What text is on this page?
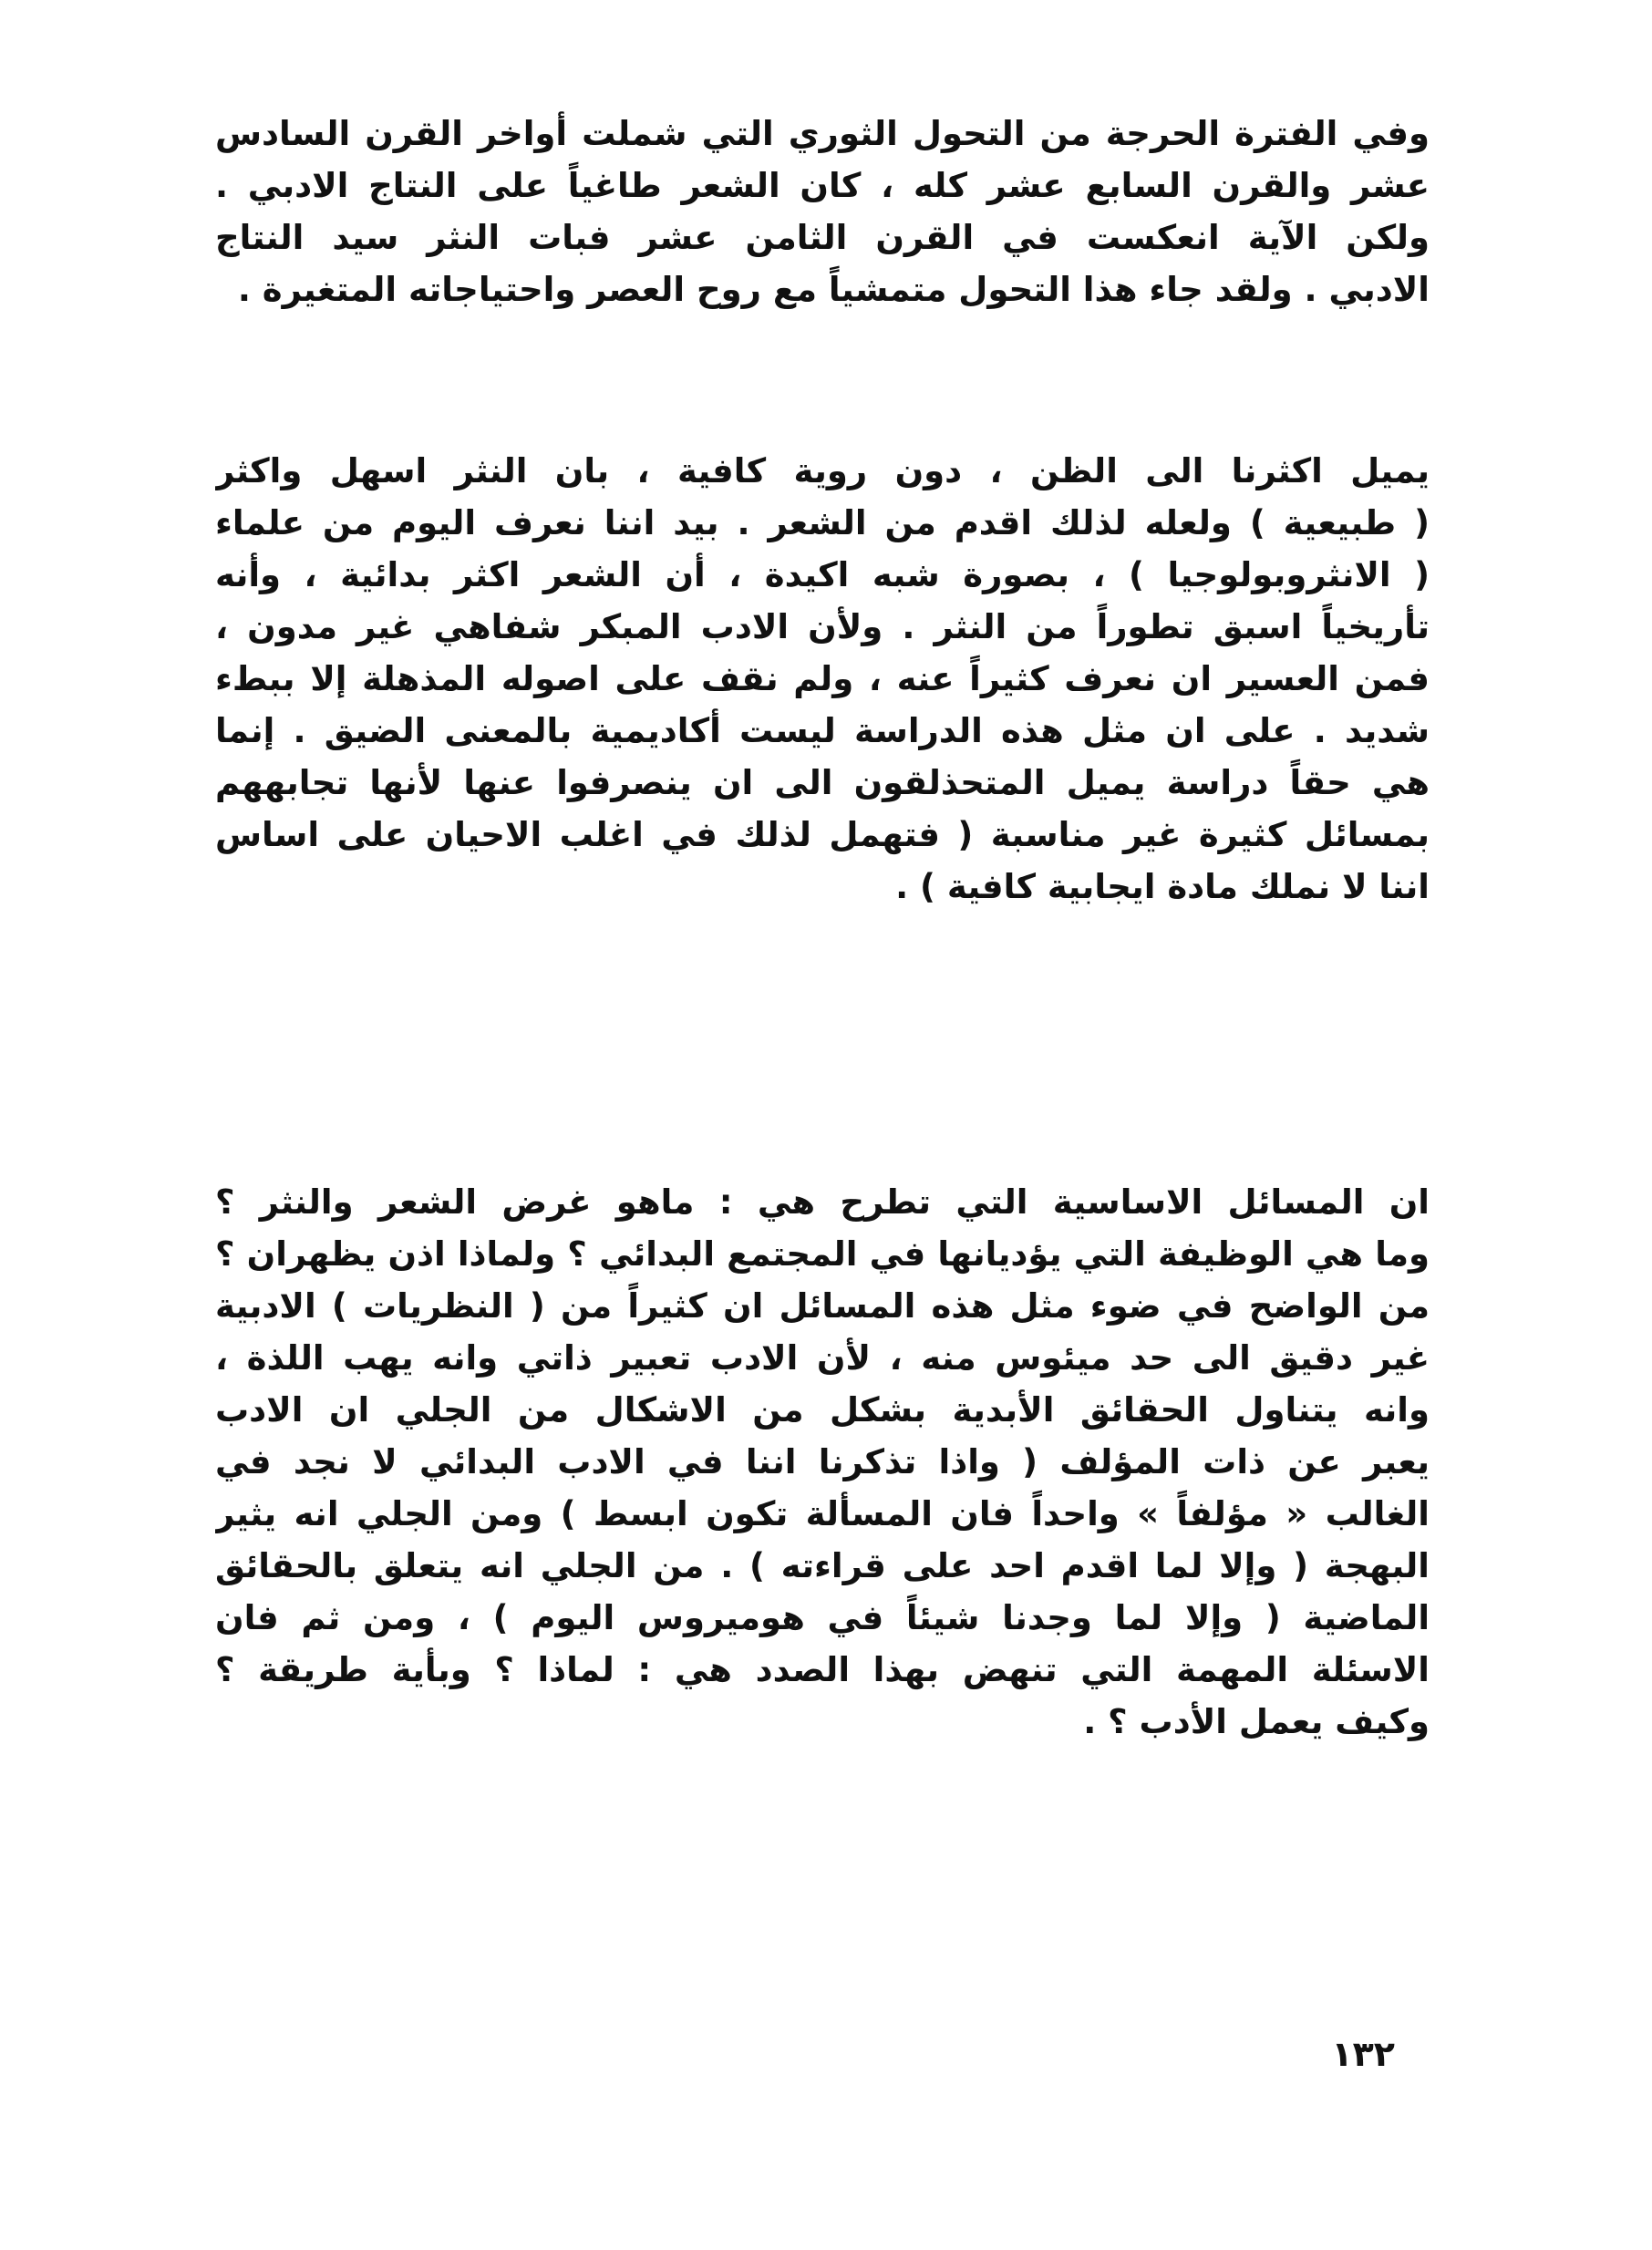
وفي الفترة الحرجة من التحول الثوري التي شملت أواخر القرن السادس
عشر والقرن السابع عشر كله ، كان الشعر طاغياً على النتاج الادبي .
ولكن الآية انعكست في القرن الثامن عشر فبات النثر سيد النتاج
الادبي . ولقد جاء هذا التحول متمشياً مع روح العصر واحتياجاته المتغيرة .
يميل اكثرنا الى الظن ، دون روية كافية ، بان النثر اسهل واكثر
( طبيعية ) ولعله لذلك اقدم من الشعر . بيد اننا نعرف اليوم من علماء
( الانثروبولوجيا ) ، بصورة شبه اكيدة ، أن الشعر اكثر بدائية ، وأنه
تأريخياً اسبق تطوراً من النثر . ولأن الادب المبكر شفاهي غير مدون ،
فمن العسير ان نعرف كثيراً عنه ، ولم نقف على اصوله المذهلة إلا ببطء
شديد . على ان مثل هذه الدراسة ليست أكاديمية بالمعنى الضيق . إنما
هي حقاً دراسة يميل المتحذلقون الى ان ينصرفوا عنها لأنها تجابههم
بمسائل كثيرة غير مناسبة ( فتهمل لذلك في اغلب الاحيان على اساس
اننا لا نملك مادة ايجابية كافية ) .
ان المسائل الاساسية التي تطرح هي : ماهو غرض الشعر والنثر ؟
وما هي الوظيفة التي يؤديانها في المجتمع البدائي ؟ ولماذا اذن يظهران ؟
من الواضح في ضوء مثل هذه المسائل ان كثيراً من ( النظريات ) الادبية
غير دقيق الى حد ميئوس منه ، لأن الادب تعبير ذاتي وانه يهب اللذة ،
وانه يتناول الحقائق الأبدية بشكل من الاشكال من الجلي ان الادب
يعبر عن ذات المؤلف ( واذا تذكرنا اننا في الادب البدائي لا نجد في
الغالب « مؤلفاً » واحداً فان المسألة تكون ابسط ) ومن الجلي انه يثير
البهجة ( وإلا لما اقدم احد على قراءته ) . من الجلي انه يتعلق بالحقائق
الماضية ( وإلا لما وجدنا شيئاً في هوميروس اليوم ) ، ومن ثم فان
الاسئلة المهمة التي تنهض بهذا الصدد هي : لماذا ؟ وبأية طريقة ؟
وكيف يعمل الأدب ؟ .
١٣٢
